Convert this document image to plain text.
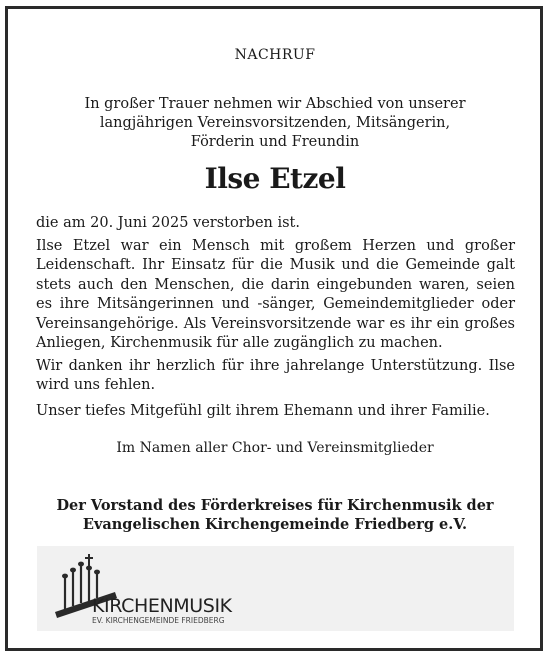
NACHRUF
In großer Trauer nehmen wir Abschied von unserer
langjährigen Vereinsvorsitzenden, Mitsängerin,
Förderin und Freundin
Ilse Etzel

die am 20. Juni 2025 verstorben ist.

Ilse Etzel war ein Mensch mit großem Herzen und großer Leidenschaft. Ihr Einsatz für die Musik und die Gemeinde galt stets auch den Menschen, die darin eingebunden waren, seien es ihre Mitsängerinnen und -sänger, Gemeindemitglieder oder Vereinsangehörige. Als Vereinsvorsitzende war es ihr ein großes Anliegen, Kirchenmusik für alle zugänglich zu machen.

Wir danken ihr herzlich für ihre jahrelange Unterstützung. Ilse wird uns fehlen.

Unser tiefes Mitgefühl gilt ihrem Ehemann und ihrer Familie.

Im Namen aller Chor- und Vereinsmitglieder
Der Vorstand des Förderkreises für Kirchenmusik der
Evangelischen Kirchengemeinde Friedberg e.V.
KIRCHENMUSIK
EV. KIRCHENGEMEINDE FRIEDBERG
